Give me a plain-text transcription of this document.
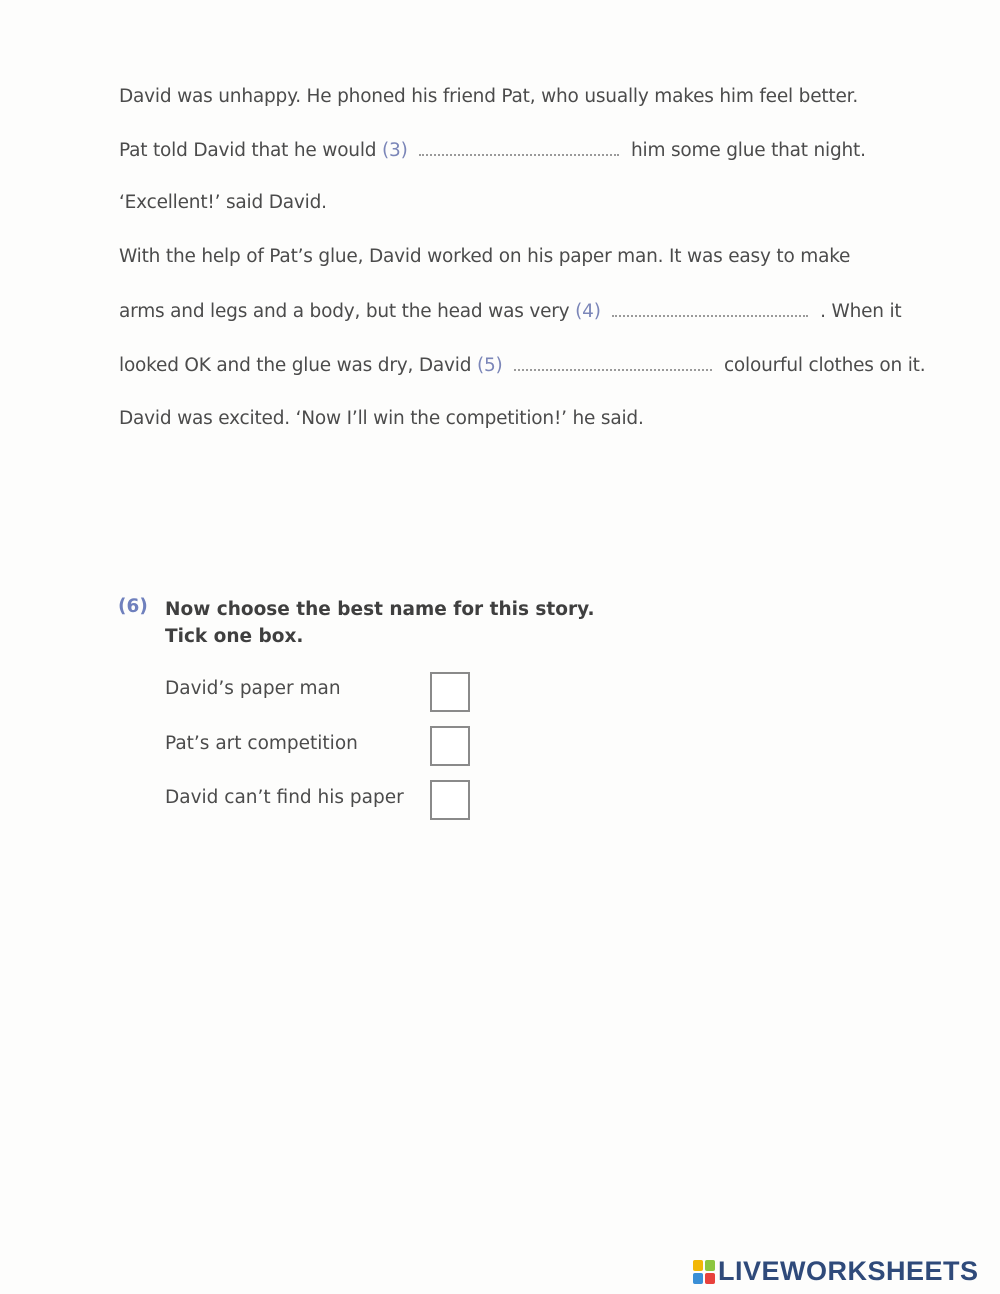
David was unhappy. He phoned his friend Pat, who usually makes him feel better.
Pat told David that he would (3)	him some glue that night.
‘Excellent!’ said David.
With the help of Pat’s glue, David worked on his paper man. It was easy to make
arms and legs and a body, but the head was very (4)	. When it
looked OK and the glue was dry, David (5)	colourful clothes on it.
David was excited. ‘Now I’ll win the competition!’ he said.
(6) Now choose the best name for this story.
Tick one box.
David’s paper man
Pat’s art competition
David can’t find his paper
LIVEWORKSHEETS
